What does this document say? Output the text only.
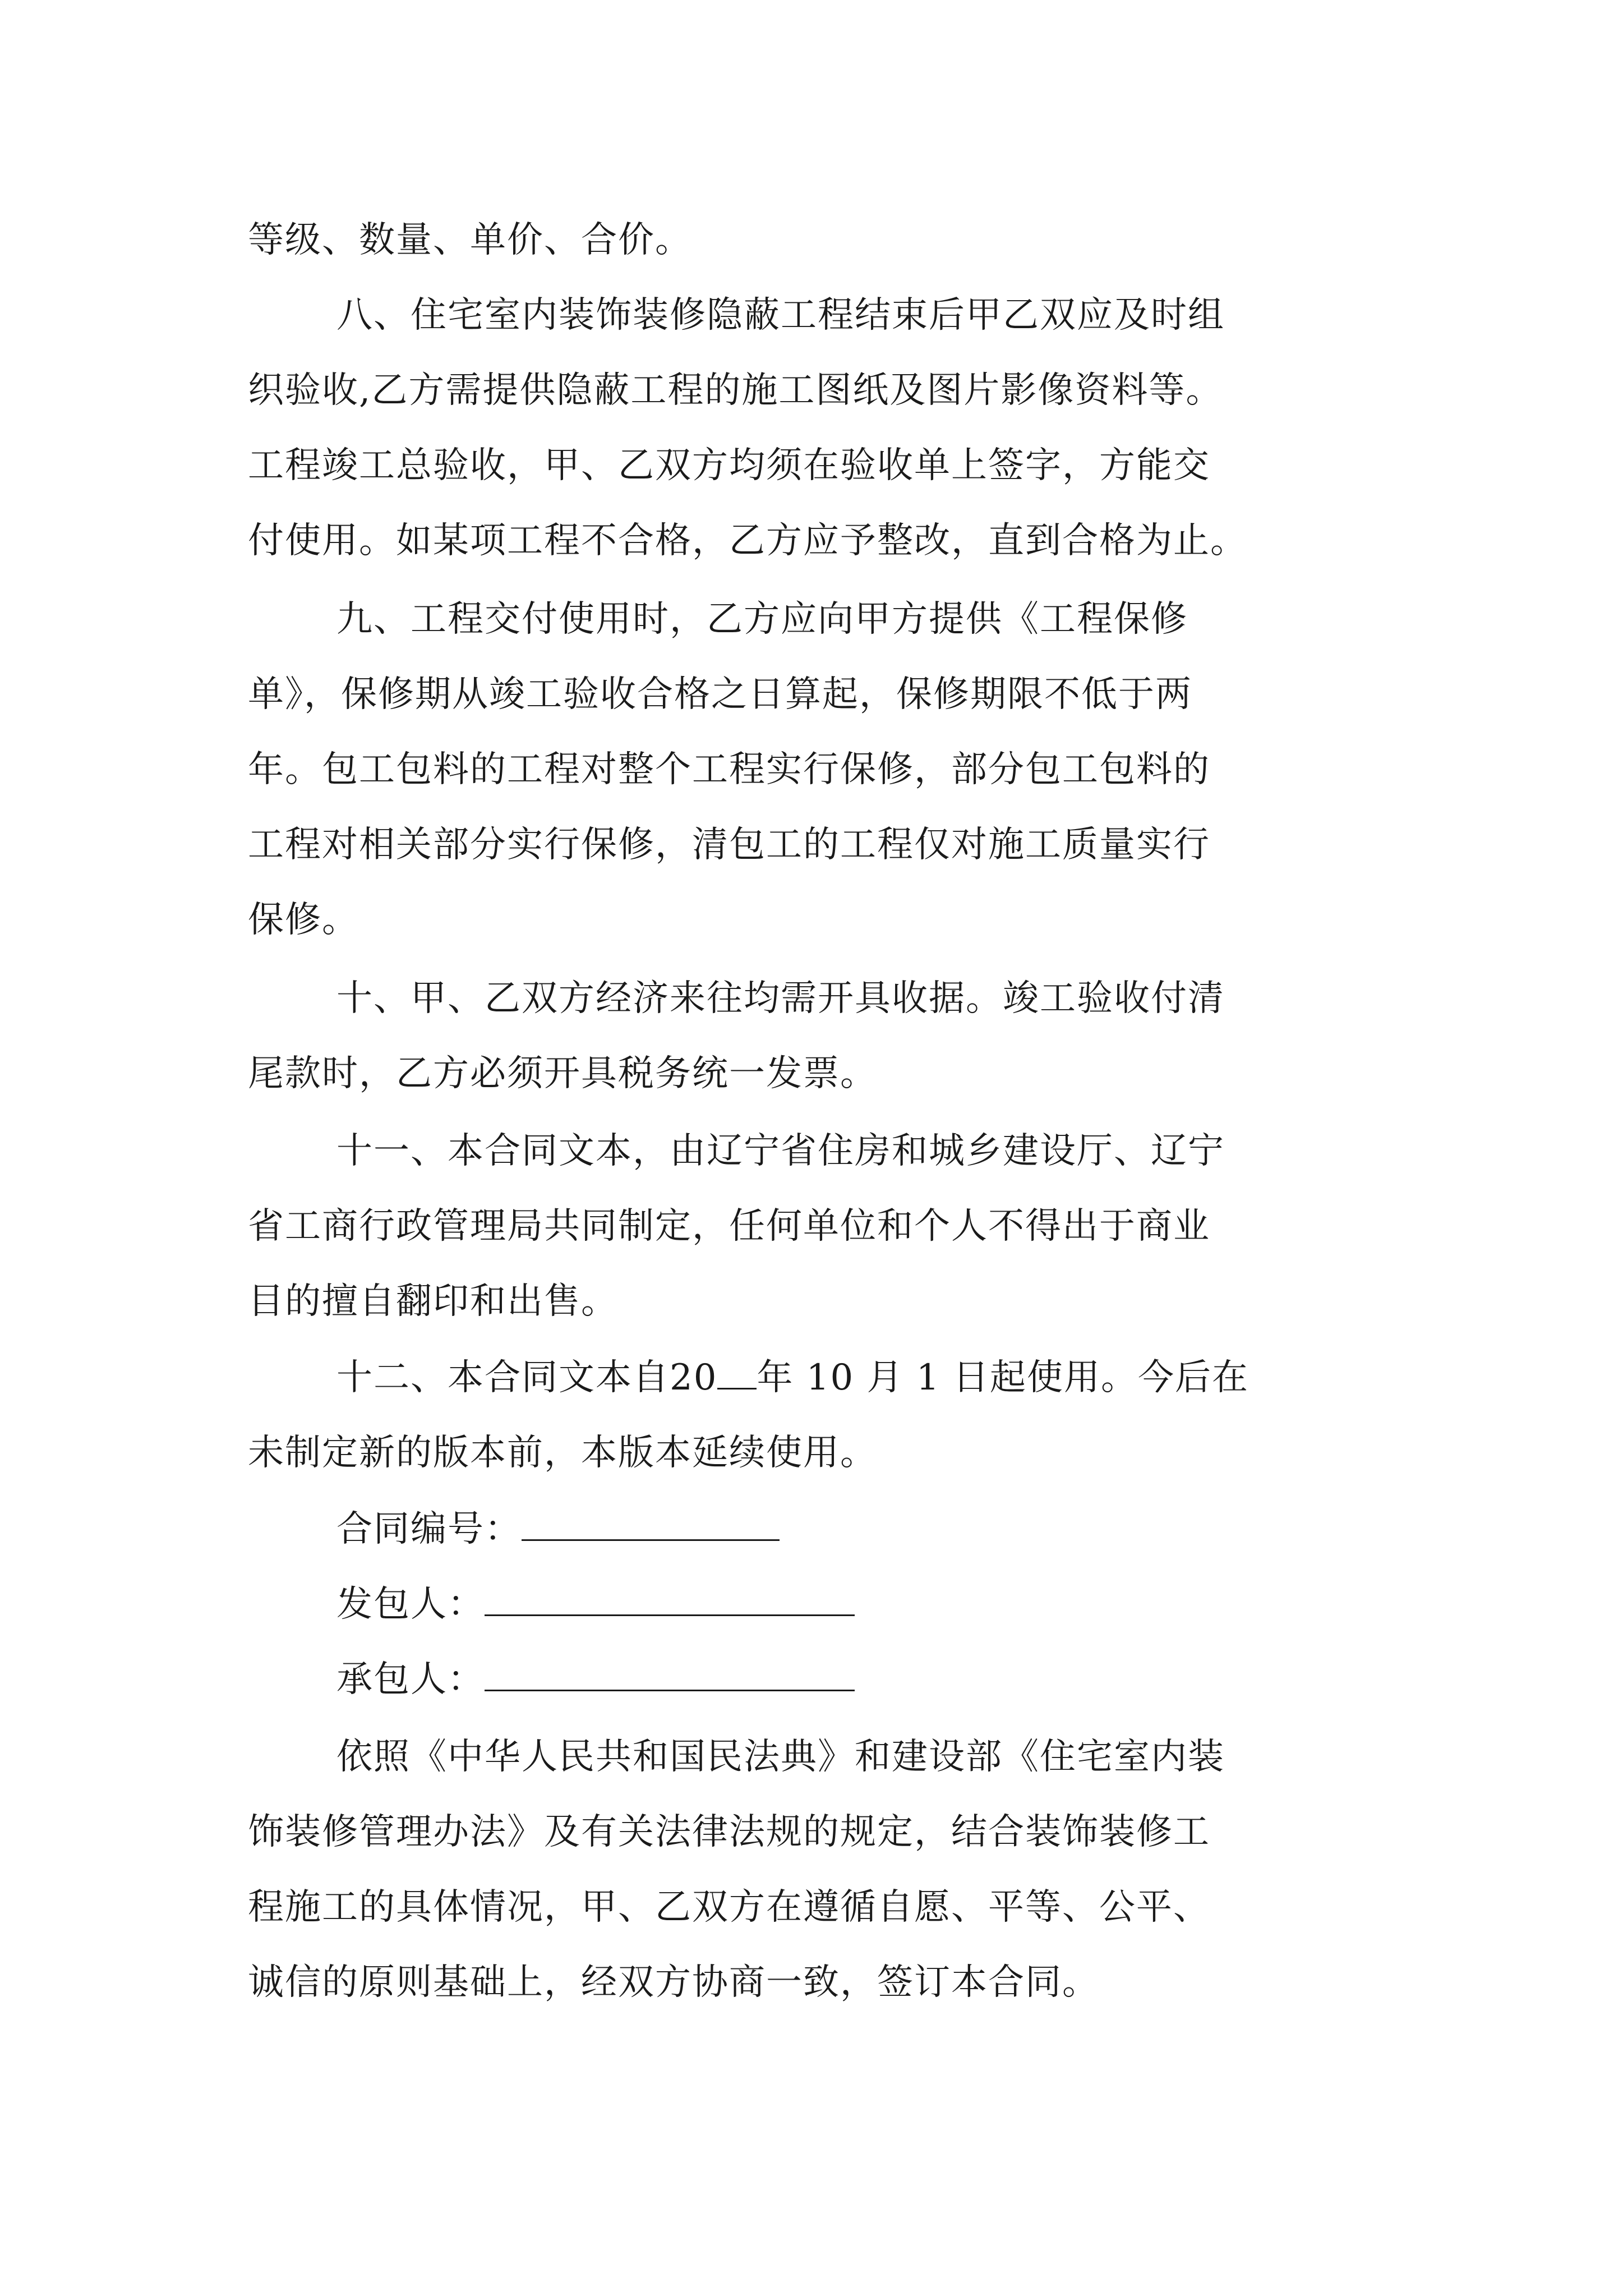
等级、数量、单价、合价。

八、住宅室内装饰装修隐蔽工程结束后甲乙双应及时组

织验收,乙方需提供隐蔽工程的施工图纸及图片影像资料等。

工程竣工总验收，甲、乙双方均须在验收单上签字，方能交

付使用。如某项工程不合格，乙方应予整改，直到合格为止。

九、工程交付使用时，乙方应向甲方提供《工程保修

单》，保修期从竣工验收合格之日算起，保修期限不低于两

年。包工包料的工程对整个工程实行保修，部分包工包料的

工程对相关部分实行保修，清包工的工程仅对施工质量实行

保修。

十、甲、乙双方经济来往均需开具收据。竣工验收付清

尾款时，乙方必须开具税务统一发票。

十一、本合同文本，由辽宁省住房和城乡建设厅、辽宁

省工商行政管理局共同制定，任何单位和个人不得出于商业

目的擅自翻印和出售。

十二、本合同文本自20 年 10 月 1 日起使用。今后在

未制定新的版本前，本版本延续使用。

合同编号：

发包人：

承包人：

依照《中华人民共和国民法典》和建设部《住宅室内装

饰装修管理办法》及有关法律法规的规定，结合装饰装修工

程施工的具体情况，甲、乙双方在遵循自愿、平等、公平、

诚信的原则基础上，经双方协商一致，签订本合同。
